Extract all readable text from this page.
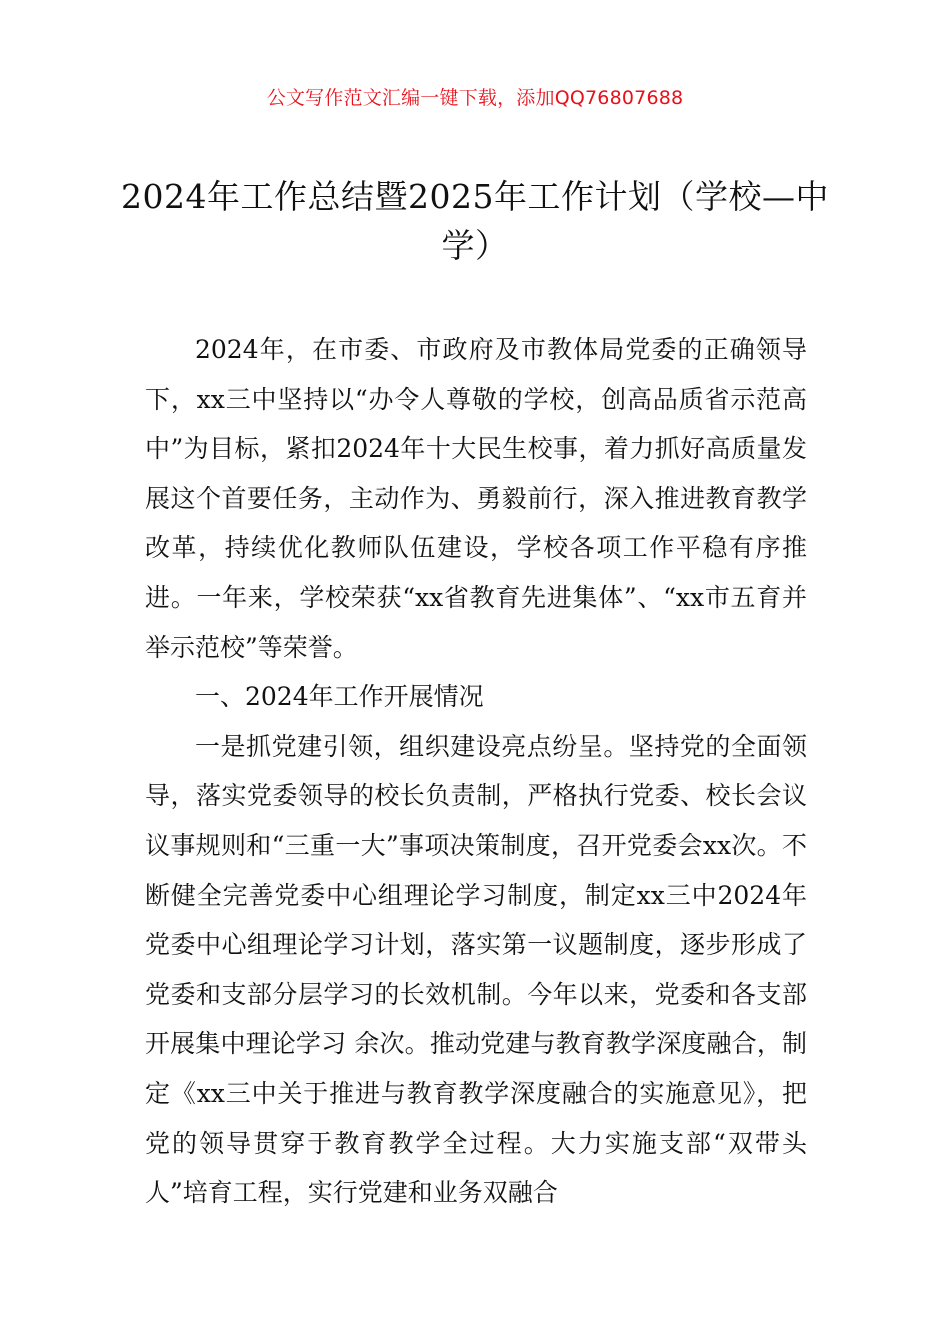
公文写作范文汇编一键下载，添加QQ76807688
2024年工作总结暨2025年工作计划（学校—中学）

2024年，在市委、市政府及市教体局党委的正确领导下，xx三中坚持以“办令人尊敬的学校，创高品质省示范高中”为目标，紧扣2024年十大民生校事，着力抓好高质量发展这个首要任务，主动作为、勇毅前行，深入推进教育教学改革，持续优化教师队伍建设，学校各项工作平稳有序推进。一年来，学校荣获“xx省教育先进集体”、“xx市五育并举示范校”等荣誉。

一、2024年工作开展情况

一是抓党建引领，组织建设亮点纷呈。坚持党的全面领导，落实党委领导的校长负责制，严格执行党委、校长会议议事规则和“三重一大”事项决策制度，召开党委会xx次。不断健全完善党委中心组理论学习制度，制定xx三中2024年党委中心组理论学习计划，落实第一议题制度，逐步形成了党委和支部分层学习的长效机制。今年以来，党委和各支部开展集中理论学习 余次。推动党建与教育教学深度融合，制定《xx三中关于推进与教育教学深度融合的实施意见》，把党的领导贯穿于教育教学全过程。大力实施支部“双带头人”培育工程，实行党建和业务双融合
